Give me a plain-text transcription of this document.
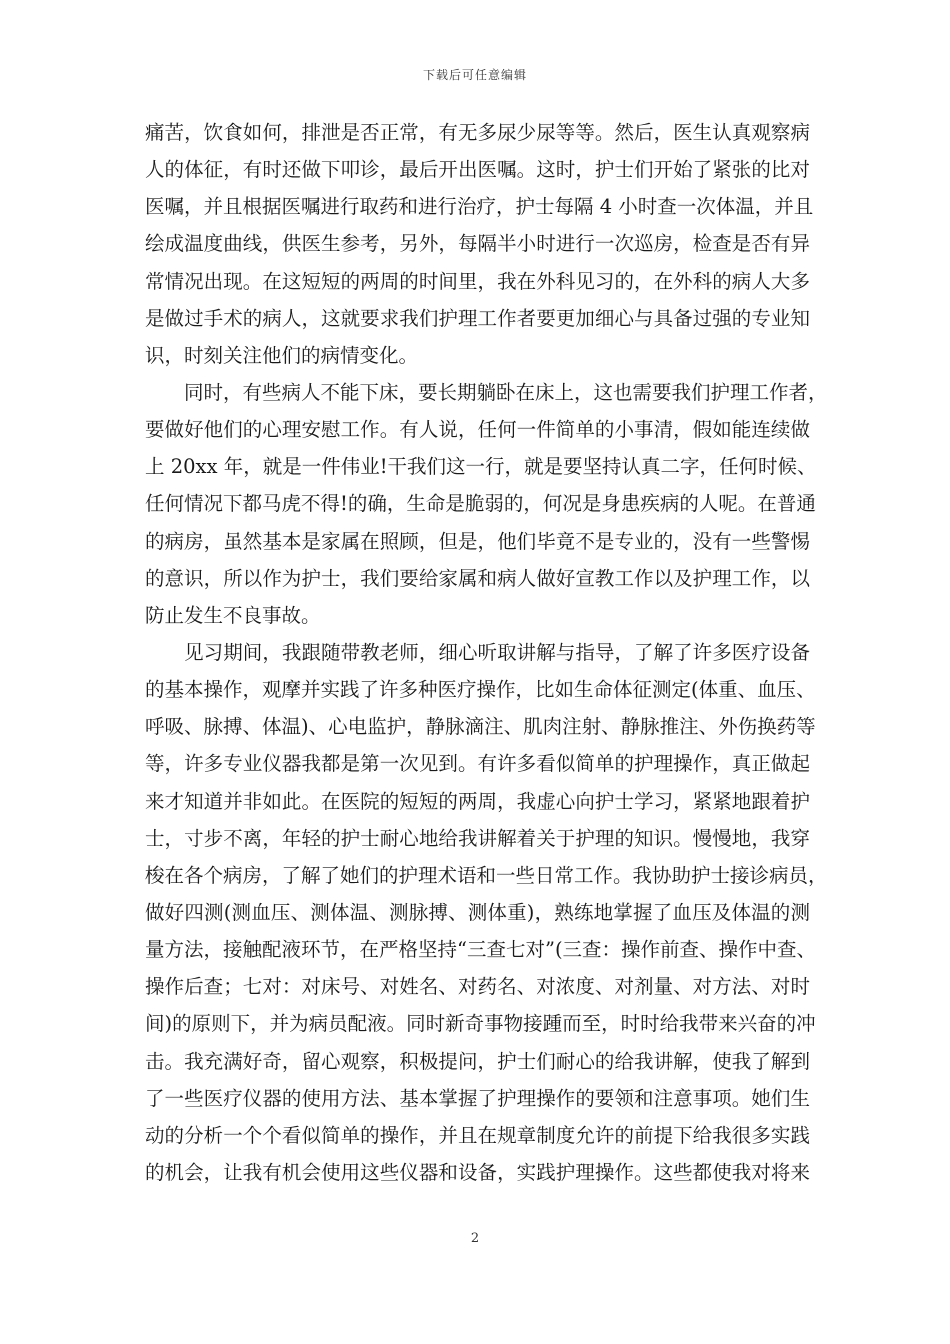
下载后可任意编辑
痛苦，饮食如何，排泄是否正常，有无多尿少尿等等。然后，医生认真观察病
人的体征，有时还做下叩诊，最后开出医嘱。这时，护士们开始了紧张的比对
医嘱，并且根据医嘱进行取药和进行治疗，护士每隔 4 小时查一次体温，并且
绘成温度曲线，供医生参考，另外，每隔半小时进行一次巡房，检查是否有异
常情况出现。在这短短的两周的时间里，我在外科见习的，在外科的病人大多
是做过手术的病人，这就要求我们护理工作者要更加细心与具备过强的专业知
识，时刻关注他们的病情变化。
　　同时，有些病人不能下床，要长期躺卧在床上，这也需要我们护理工作者，
要做好他们的心理安慰工作。有人说，任何一件简单的小事清，假如能连续做
上 20xx 年，就是一件伟业!干我们这一行，就是要坚持认真二字，任何时候、
任何情况下都马虎不得!的确，生命是脆弱的，何况是身患疾病的人呢。在普通
的病房，虽然基本是家属在照顾，但是，他们毕竟不是专业的，没有一些警惕
的意识，所以作为护士，我们要给家属和病人做好宣教工作以及护理工作，以
防止发生不良事故。
　　见习期间，我跟随带教老师，细心听取讲解与指导，了解了许多医疗设备
的基本操作，观摩并实践了许多种医疗操作，比如生命体征测定(体重、血压、
呼吸、脉搏、体温)、心电监护，静脉滴注、肌肉注射、静脉推注、外伤换药等
等，许多专业仪器我都是第一次见到。有许多看似简单的护理操作，真正做起
来才知道并非如此。在医院的短短的两周，我虚心向护士学习，紧紧地跟着护
士，寸步不离，年轻的护士耐心地给我讲解着关于护理的知识。慢慢地，我穿
梭在各个病房，了解了她们的护理术语和一些日常工作。我协助护士接诊病员，
做好四测(测血压、测体温、测脉搏、测体重)，熟练地掌握了血压及体温的测
量方法，接触配液环节，在严格坚持“三查七对”(三查：操作前查、操作中查、
操作后查；七对：对床号、对姓名、对药名、对浓度、对剂量、对方法、对时
间)的原则下，并为病员配液。同时新奇事物接踵而至，时时给我带来兴奋的冲
击。我充满好奇，留心观察，积极提问，护士们耐心的给我讲解，使我了解到
了一些医疗仪器的使用方法、基本掌握了护理操作的要领和注意事项。她们生
动的分析一个个看似简单的操作，并且在规章制度允许的前提下给我很多实践
的机会，让我有机会使用这些仪器和设备，实践护理操作。这些都使我对将来
2
